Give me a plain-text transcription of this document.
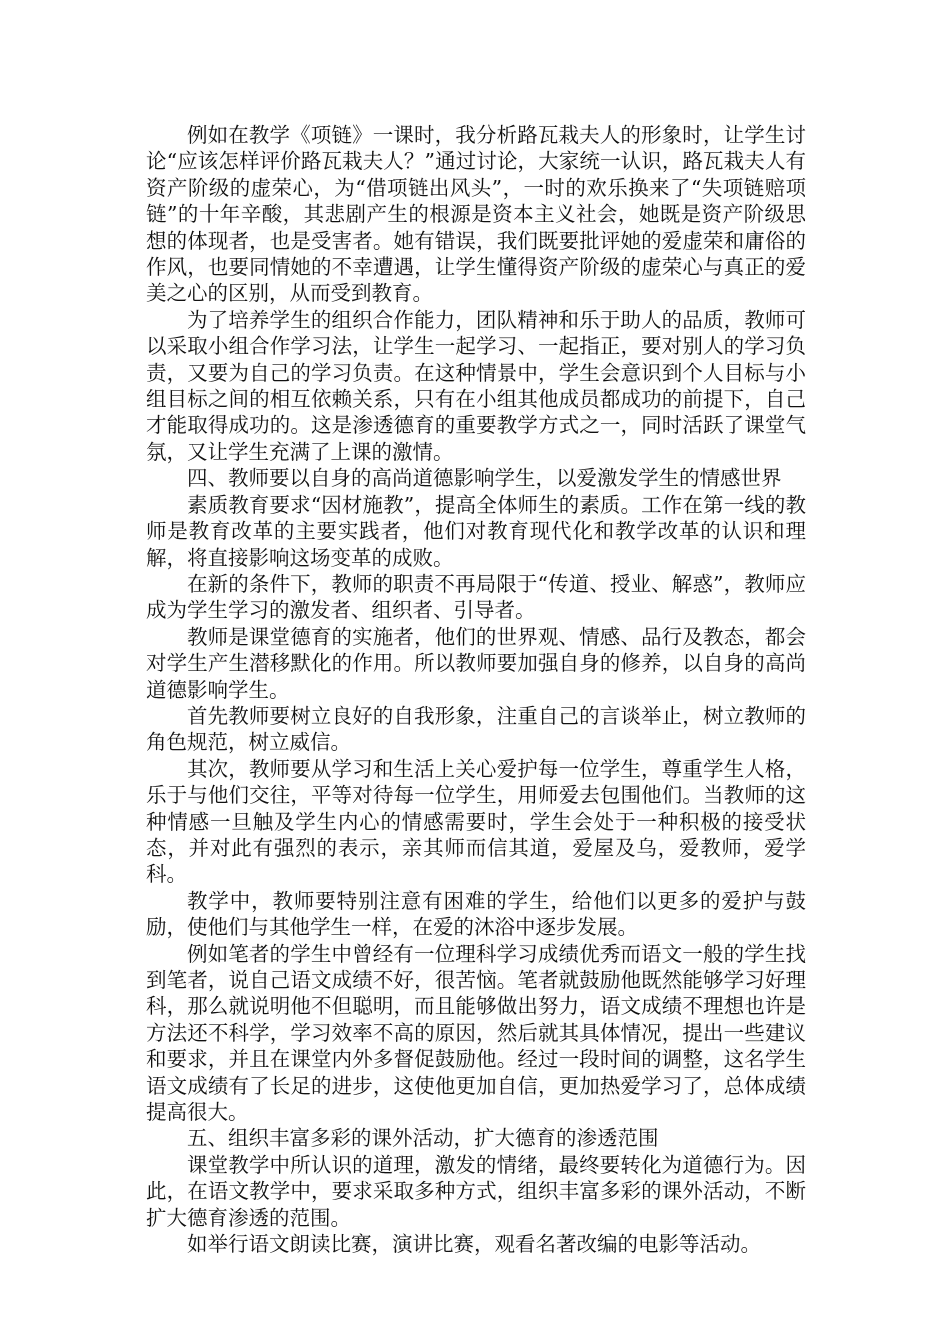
例如在教学《项链》一课时，我分析路瓦栽夫人的形象时，让学生讨论“应该怎样评价路瓦栽夫人？”通过讨论，大家统一认识，路瓦栽夫人有资产阶级的虚荣心，为“借项链出风头”，一时的欢乐换来了“失项链赔项链”的十年辛酸，其悲剧产生的根源是资本主义社会，她既是资产阶级思想的体现者，也是受害者。她有错误，我们既要批评她的爱虚荣和庸俗的作风，也要同情她的不幸遭遇，让学生懂得资产阶级的虚荣心与真正的爱美之心的区别，从而受到教育。

为了培养学生的组织合作能力，团队精神和乐于助人的品质，教师可以采取小组合作学习法，让学生一起学习、一起指正，要对别人的学习负责，又要为自己的学习负责。在这种情景中，学生会意识到个人目标与小组目标之间的相互依赖关系，只有在小组其他成员都成功的前提下，自己才能取得成功的。这是渗透德育的重要教学方式之一，同时活跃了课堂气氛，又让学生充满了上课的激情。

四、教师要以自身的高尚道德影响学生，以爱激发学生的情感世界

素质教育要求“因材施教”，提高全体师生的素质。工作在第一线的教师是教育改革的主要实践者，他们对教育现代化和教学改革的认识和理解，将直接影响这场变革的成败。

在新的条件下，教师的职责不再局限于“传道、授业、解惑”，教师应成为学生学习的激发者、组织者、引导者。

教师是课堂德育的实施者，他们的世界观、情感、品行及教态，都会对学生产生潜移默化的作用。所以教师要加强自身的修养，以自身的高尚道德影响学生。

首先教师要树立良好的自我形象，注重自己的言谈举止，树立教师的角色规范，树立威信。

其次，教师要从学习和生活上关心爱护每一位学生，尊重学生人格，乐于与他们交往，平等对待每一位学生，用师爱去包围他们。当教师的这种情感一旦触及学生内心的情感需要时，学生会处于一种积极的接受状态，并对此有强烈的表示，亲其师而信其道，爱屋及乌，爱教师，爱学科。

教学中，教师要特别注意有困难的学生，给他们以更多的爱护与鼓励，使他们与其他学生一样，在爱的沐浴中逐步发展。

例如笔者的学生中曾经有一位理科学习成绩优秀而语文一般的学生找到笔者，说自己语文成绩不好，很苦恼。笔者就鼓励他既然能够学习好理科，那么就说明他不但聪明，而且能够做出努力，语文成绩不理想也许是方法还不科学，学习效率不高的原因，然后就其具体情况，提出一些建议和要求，并且在课堂内外多督促鼓励他。经过一段时间的调整，这名学生语文成绩有了长足的进步，这使他更加自信，更加热爱学习了，总体成绩提高很大。

五、组织丰富多彩的课外活动，扩大德育的渗透范围

课堂教学中所认识的道理，激发的情绪，最终要转化为道德行为。因此，在语文教学中，要求采取多种方式，组织丰富多彩的课外活动，不断扩大德育渗透的范围。

如举行语文朗读比赛，演讲比赛，观看名著改编的电影等活动。
